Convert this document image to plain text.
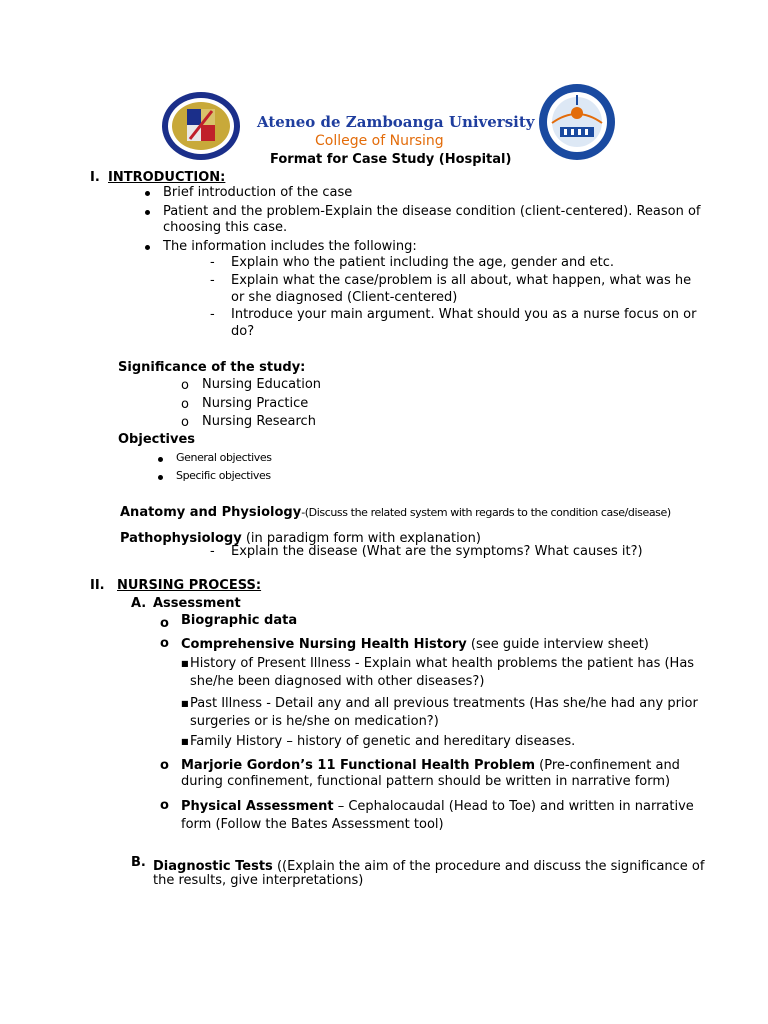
Ateneo de Zamboanga University
College of Nursing
Format for Case Study (Hospital)
I. INTRODUCTION:
Brief introduction of the case
Patient and the problem-Explain the disease condition (client-centered). Reason of
choosing this case.
The information includes the following:
- Explain who the patient including the age, gender and etc.
- Explain what the case/problem is all about, what happen, what was he
or she diagnosed (Client-centered)
- Introduce your main argument. What should you as a nurse focus on or
do?
Significance of the study:
o Nursing Education
o Nursing Practice
o Nursing Research
Objectives
General objectives
Specific objectives
Anatomy and Physiology-(Discuss the related system with regards to the condition case/disease)
Pathophysiology (in paradigm form with explanation)
- Explain the disease (What are the symptoms? What causes it?)
II. NURSING PROCESS:
A. Assessment
o Biographic data
o Comprehensive Nursing Health History (see guide interview sheet)
■ History of Present Illness - Explain what health problems the patient has (Has
she/he been diagnosed with other diseases?)
■ Past Illness - Detail any and all previous treatments (Has she/he had any prior
surgeries or is he/she on medication?)
■ Family History – history of genetic and hereditary diseases.
o Marjorie Gordon’s 11 Functional Health Problem (Pre-confinement and
during confinement, functional pattern should be written in narrative form)
o Physical Assessment – Cephalocaudal (Head to Toe) and written in narrative
form (Follow the Bates Assessment tool)
B. Diagnostic Tests ((Explain the aim of the procedure and discuss the significance of
the results, give interpretations)
